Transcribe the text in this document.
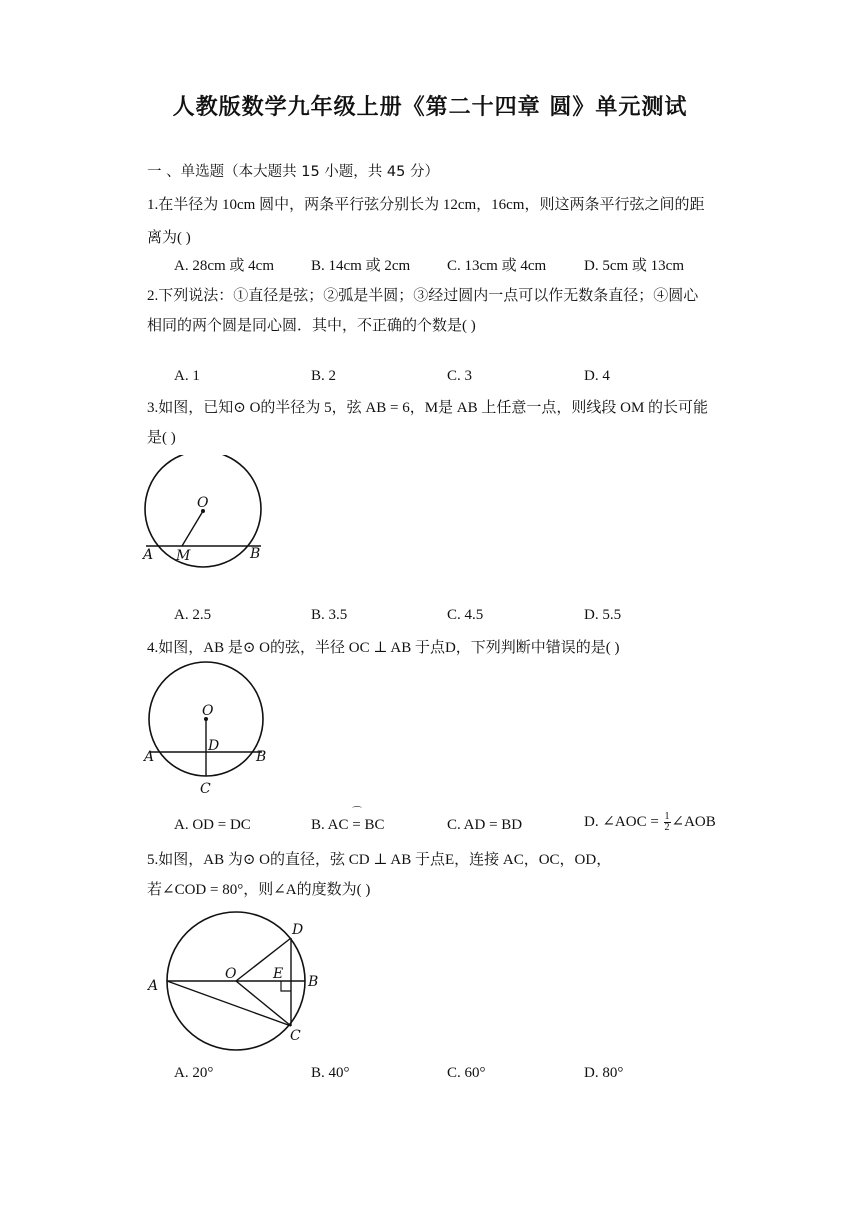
人教版数学九年级上册《第二十四章 圆》单元测试
一 、单选题（本大题共 15 小题，共 45 分）
1.在半径为 10cm 圆中，两条平行弦分别长为 12cm，16cm，则这两条平行弦之间的距
离为( )
A. 28cm 或 4cm B. 14cm 或 2cm C. 13cm 或 4cm	D. 5cm 或 13cm
2.下列说法：①直径是弦；②弧是半圆；③经过圆内一点可以作无数条直径；④圆心
相同的两个圆是同心圆．其中，不正确的个数是( )
A. 1	B. 2	C. 3	D. 4
3.如图，已知⊙ O的半径为 5，弦 AB = 6，M是 AB 上任意一点，则线段 OM 的长可能
是( )
O
A M	B
A. 2.5	B. 3.5	C. 4.5	D. 5.5
4.如图，AB 是⊙ O的弦，半径 OC ⊥ AB 于点D，下列判断中错误的是( )
O
D
A	B
C
A. OD = DC	B. AC = BC
⌒
C. AD = BD	D. ∠AOC = $\frac{1}{2}$ ∠AOB
5.如图，AB 为⊙ O的直径，弦 CD ⊥ AB 于点E，连接 AC，OC，OD，
若∠COD = 80°，则∠A的度数为( )
D
A
O	E B
C
A. 20°	B. 40°	C. 60°	D. 80°
